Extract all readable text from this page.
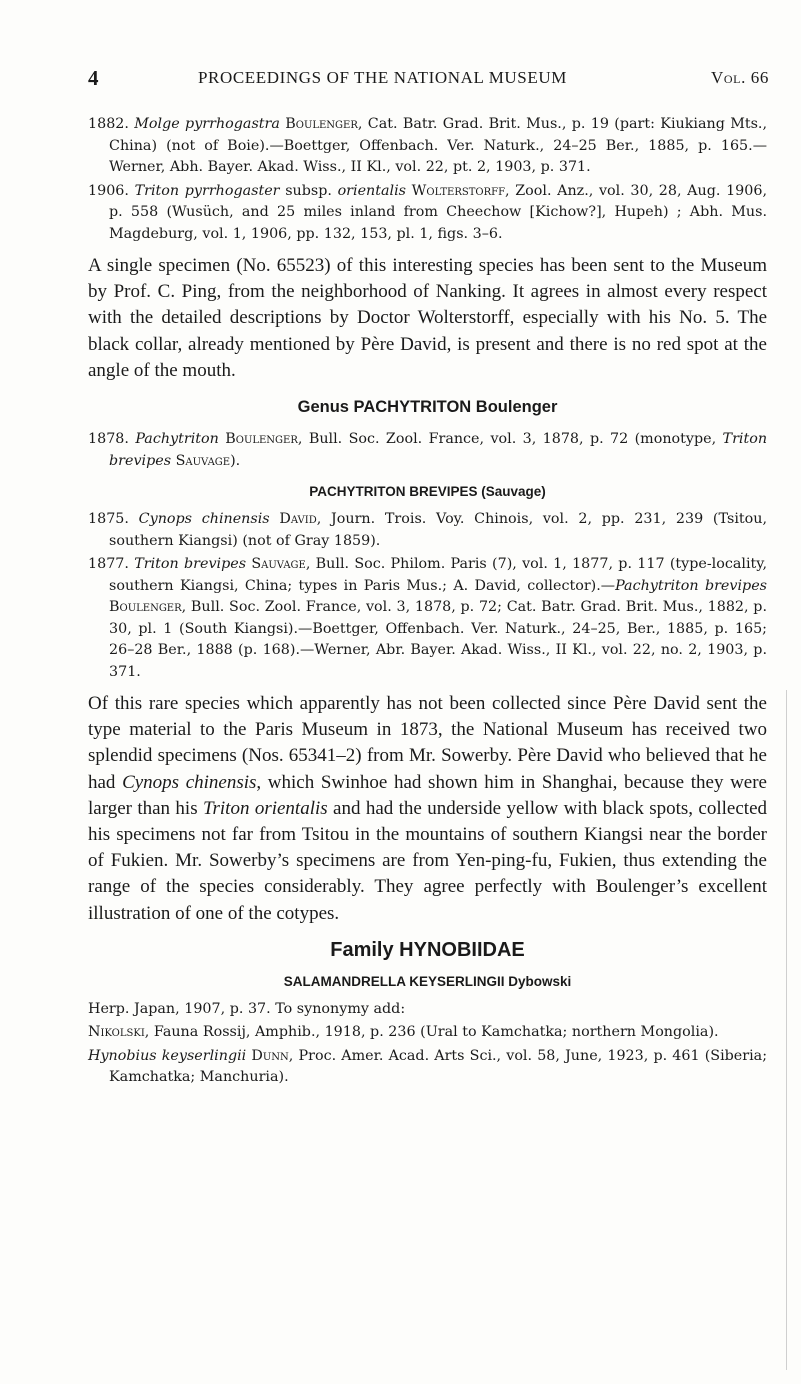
4	PROCEEDINGS OF THE NATIONAL MUSEUM	Vol. 66

1882. Molge pyrrhogastra Boulenger, Cat. Batr. Grad. Brit. Mus., p. 19 (part: Kiukiang Mts., China) (not of Boie).—Boettger, Offenbach. Ver. Naturk., 24–25 Ber., 1885, p. 165.—Werner, Abh. Bayer. Akad. Wiss., II Kl., vol. 22, pt. 2, 1903, p. 371.

1906. Triton pyrrhogaster subsp. orientalis Wolterstorff, Zool. Anz., vol. 30, 28, Aug. 1906, p. 558 (Wusüch, and 25 miles inland from Cheechow [Kichow?], Hupeh) ; Abh. Mus. Magdeburg, vol. 1, 1906, pp. 132, 153, pl. 1, figs. 3–6.

A single specimen (No. 65523) of this interesting species has been sent to the Museum by Prof. C. Ping, from the neighborhood of Nanking. It agrees in almost every respect with the detailed descriptions by Doctor Wolterstorff, especially with his No. 5. The black collar, already mentioned by Père David, is present and there is no red spot at the angle of the mouth.

Genus PACHYTRITON Boulenger

1878. Pachytriton Boulenger, Bull. Soc. Zool. France, vol. 3, 1878, p. 72 (monotype, Triton brevipes Sauvage).

PACHYTRITON BREVIPES (Sauvage)

1875. Cynops chinensis David, Journ. Trois. Voy. Chinois, vol. 2, pp. 231, 239 (Tsitou, southern Kiangsi) (not of Gray 1859).

1877. Triton brevipes Sauvage, Bull. Soc. Philom. Paris (7), vol. 1, 1877, p. 117 (type-locality, southern Kiangsi, China; types in Paris Mus.; A. David, collector).—Pachytriton brevipes Boulenger, Bull. Soc. Zool. France, vol. 3, 1878, p. 72; Cat. Batr. Grad. Brit. Mus., 1882, p. 30, pl. 1 (South Kiangsi).—Boettger, Offenbach. Ver. Naturk., 24–25, Ber., 1885, p. 165; 26–28 Ber., 1888 (p. 168).—Werner, Abr. Bayer. Akad. Wiss., II Kl., vol. 22, no. 2, 1903, p. 371.

Of this rare species which apparently has not been collected since Père David sent the type material to the Paris Museum in 1873, the National Museum has received two splendid specimens (Nos. 65341–2) from Mr. Sowerby. Père David who believed that he had Cynops chinensis, which Swinhoe had shown him in Shanghai, because they were larger than his Triton orientalis and had the underside yellow with black spots, collected his specimens not far from Tsitou in the mountains of southern Kiangsi near the border of Fukien. Mr. Sowerby’s specimens are from Yen-ping-fu, Fukien, thus extending the range of the species considerably. They agree perfectly with Boulenger’s excellent illustration of one of the cotypes.

Family HYNOBIIDAE
SALAMANDRELLA KEYSERLINGII Dybowski

Herp. Japan, 1907, p. 37. To synonymy add:

Nikolski, Fauna Rossij, Amphib., 1918, p. 236 (Ural to Kamchatka; northern Mongolia).

Hynobius keyserlingii Dunn, Proc. Amer. Acad. Arts Sci., vol. 58, June, 1923, p. 461 (Siberia; Kamchatka; Manchuria).
